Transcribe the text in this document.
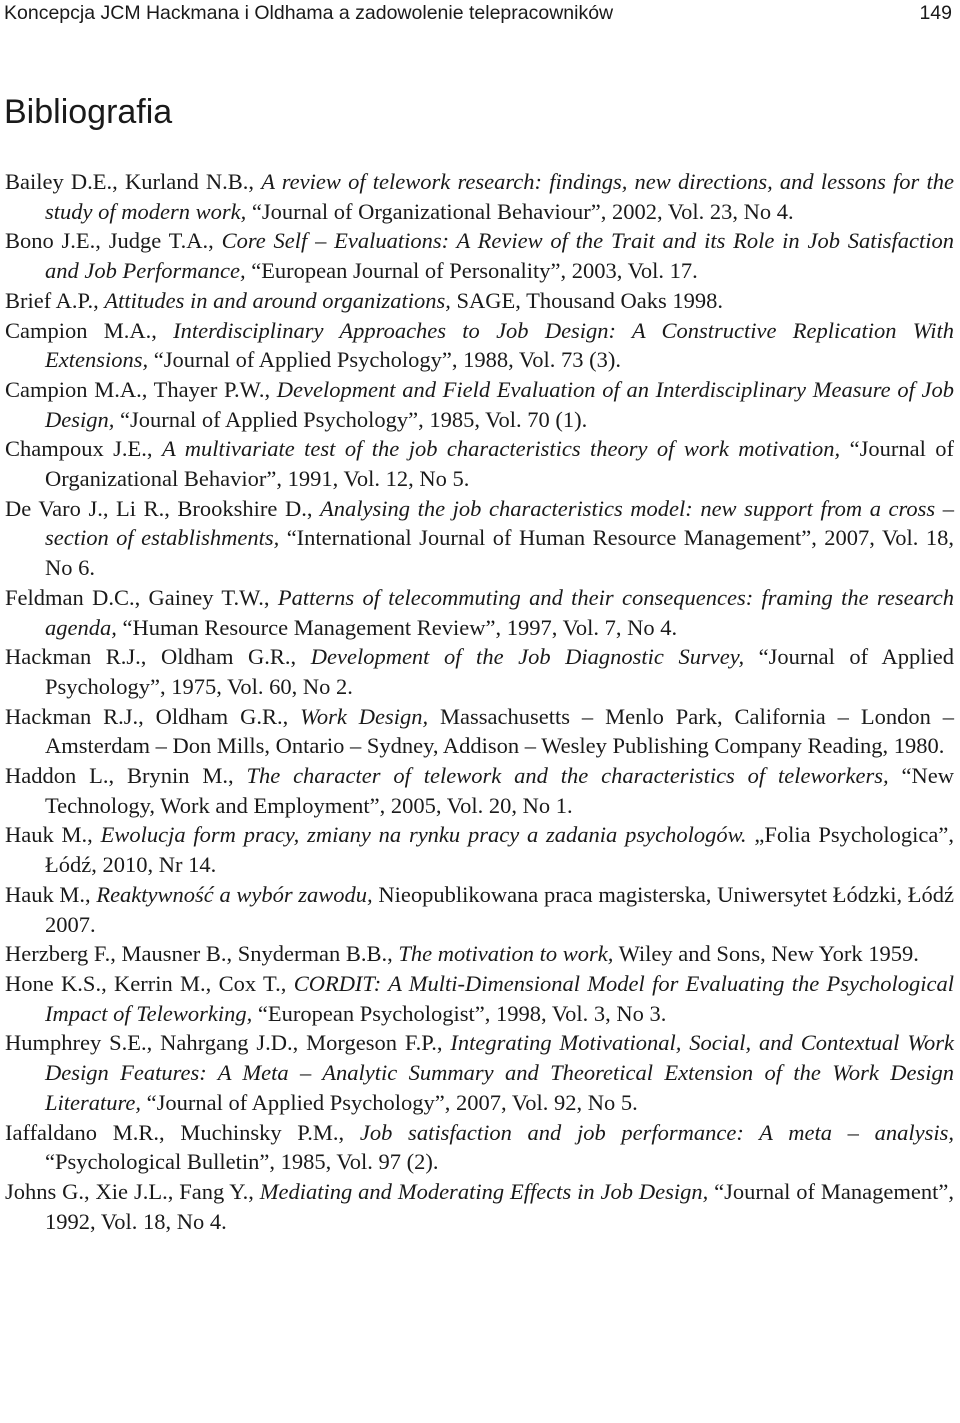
Koncepcja JCM Hackmana i Oldhama a zadowolenie telepracowników	149
Bibliografia
Bailey D.E., Kurland N.B., A review of telework research: findings, new directions, and lessons for the study of modern work, “Journal of Organizational Behaviour”, 2002, Vol. 23, No 4.
Bono J.E., Judge T.A., Core Self – Evaluations: A Review of the Trait and its Role in Job Satisfaction and Job Performance, “European Journal of Personality”, 2003, Vol. 17.
Brief A.P., Attitudes in and around organizations, SAGE, Thousand Oaks 1998.
Campion M.A., Interdisciplinary Approaches to Job Design: A Constructive Replication With Extensions, “Journal of Applied Psychology”, 1988, Vol. 73 (3).
Campion M.A., Thayer P.W., Development and Field Evaluation of an Interdisciplinary Measure of Job Design, “Journal of Applied Psychology”, 1985, Vol. 70 (1).
Champoux J.E., A multivariate test of the job characteristics theory of work motivation, “Journal of Organizational Behavior”, 1991, Vol. 12, No 5.
De Varo J., Li R., Brookshire D., Analysing the job characteristics model: new support from a cross – section of establishments, “International Journal of Human Resource Management”, 2007, Vol. 18, No 6.
Feldman D.C., Gainey T.W., Patterns of telecommuting and their consequences: framing the research agenda, “Human Resource Management Review”, 1997, Vol. 7, No 4.
Hackman R.J., Oldham G.R., Development of the Job Diagnostic Survey, “Journal of Applied Psychology”, 1975, Vol. 60, No 2.
Hackman R.J., Oldham G.R., Work Design, Massachusetts – Menlo Park, California – London – Amsterdam – Don Mills, Ontario – Sydney, Addison – Wesley Publishing Company Reading, 1980.
Haddon L., Brynin M., The character of telework and the characteristics of teleworkers, “New Technology, Work and Employment”, 2005, Vol. 20, No 1.
Hauk M., Ewolucja form pracy, zmiany na rynku pracy a zadania psychologów. „Folia Psychologica”, Łódź, 2010, Nr 14.
Hauk M., Reaktywność a wybór zawodu, Nieopublikowana praca magisterska, Uniwersytet Łódzki, Łódź 2007.
Herzberg F., Mausner B., Snyderman B.B., The motivation to work, Wiley and Sons, New York 1959.
Hone K.S., Kerrin M., Cox T., CORDIT: A Multi-Dimensional Model for Evaluating the Psychological Impact of Teleworking, “European Psychologist”, 1998, Vol. 3, No 3.
Humphrey S.E., Nahrgang J.D., Morgeson F.P., Integrating Motivational, Social, and Contextual Work Design Features: A Meta – Analytic Summary and Theoretical Extension of the Work Design Literature, “Journal of Applied Psychology”, 2007, Vol. 92, No 5.
Iaffaldano M.R., Muchinsky P.M., Job satisfaction and job performance: A meta – analysis, “Psychological Bulletin”, 1985, Vol. 97 (2).
Johns G., Xie J.L., Fang Y., Mediating and Moderating Effects in Job Design, “Journal of Management”, 1992, Vol. 18, No 4.
